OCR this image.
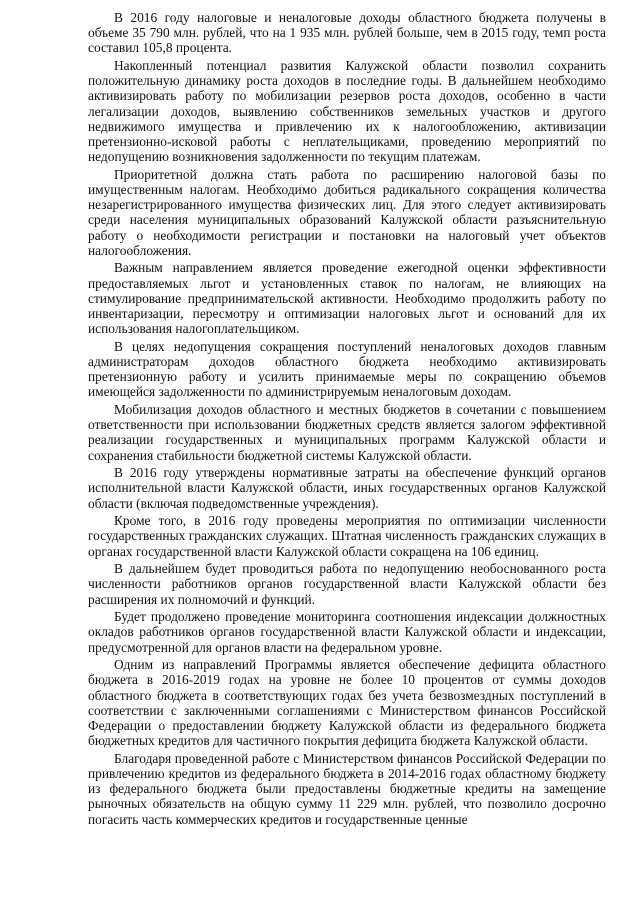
В 2016 году налоговые и неналоговые доходы областного бюджета получены в объеме 35 790 млн. рублей, что на 1 935 млн. рублей больше, чем в 2015 году, темп роста составил 105,8 процента.

Накопленный потенциал развития Калужской области позволил сохранить положительную динамику роста доходов в последние годы. В дальнейшем необходимо активизировать работу по мобилизации резервов роста доходов, особенно в части легализации доходов, выявлению собственников земельных участков и другого недвижимого имущества и привлечению их к налогообложению, активизации претензионно-исковой работы с неплательщиками, проведению мероприятий по недопущению возникновения задолженности по текущим платежам.

Приоритетной должна стать работа по расширению налоговой базы по имущественным налогам. Необходимо добиться радикального сокращения количества незарегистрированного имущества физических лиц. Для этого следует активизировать среди населения муниципальных образований Калужской области разъяснительную работу о необходимости регистрации и постановки на налоговый учет объектов налогообложения.

Важным направлением является проведение ежегодной оценки эффективности предоставляемых льгот и установленных ставок по налогам, не влияющих на стимулирование предпринимательской активности. Необходимо продолжить работу по инвентаризации, пересмотру и оптимизации налоговых льгот и оснований для их использования налогоплательщиком.

В целях недопущения сокращения поступлений неналоговых доходов главным администраторам доходов областного бюджета необходимо активизировать претензионную работу и усилить принимаемые меры по сокращению объемов имеющейся задолженности по администрируемым неналоговым доходам.

Мобилизация доходов областного и местных бюджетов в сочетании с повышением ответственности при использовании бюджетных средств является залогом эффективной реализации государственных и муниципальных программ Калужской области и сохранения стабильности бюджетной системы Калужской области.

В 2016 году утверждены нормативные затраты на обеспечение функций органов исполнительной власти Калужской области, иных государственных органов Калужской области (включая подведомственные учреждения).

Кроме того, в 2016 году проведены мероприятия по оптимизации численности государственных гражданских служащих. Штатная численность гражданских служащих в органах государственной власти Калужской области сокращена на 106 единиц.

В дальнейшем будет проводиться работа по недопущению необоснованного роста численности работников органов государственной власти Калужской области без расширения их полномочий и функций.

Будет продолжено проведение мониторинга соотношения индексации должностных окладов работников органов государственной власти Калужской области и индексации, предусмотренной для органов власти на федеральном уровне.

Одним из направлений Программы является обеспечение дефицита областного бюджета в 2016-2019 годах на уровне не более 10 процентов от суммы доходов областного бюджета в соответствующих годах без учета безвозмездных поступлений в соответствии с заключенными соглашениями с Министерством финансов Российской Федерации о предоставлении бюджету Калужской области из федерального бюджета бюджетных кредитов для частичного покрытия дефицита бюджета Калужской области.

Благодаря проведенной работе с Министерством финансов Российской Федерации по привлечению кредитов из федерального бюджета в 2014-2016 годах областному бюджету из федерального бюджета были предоставлены бюджетные кредиты на замещение рыночных обязательств на общую сумму 11 229 млн. рублей, что позволило досрочно погасить часть коммерческих кредитов и государственные ценные
